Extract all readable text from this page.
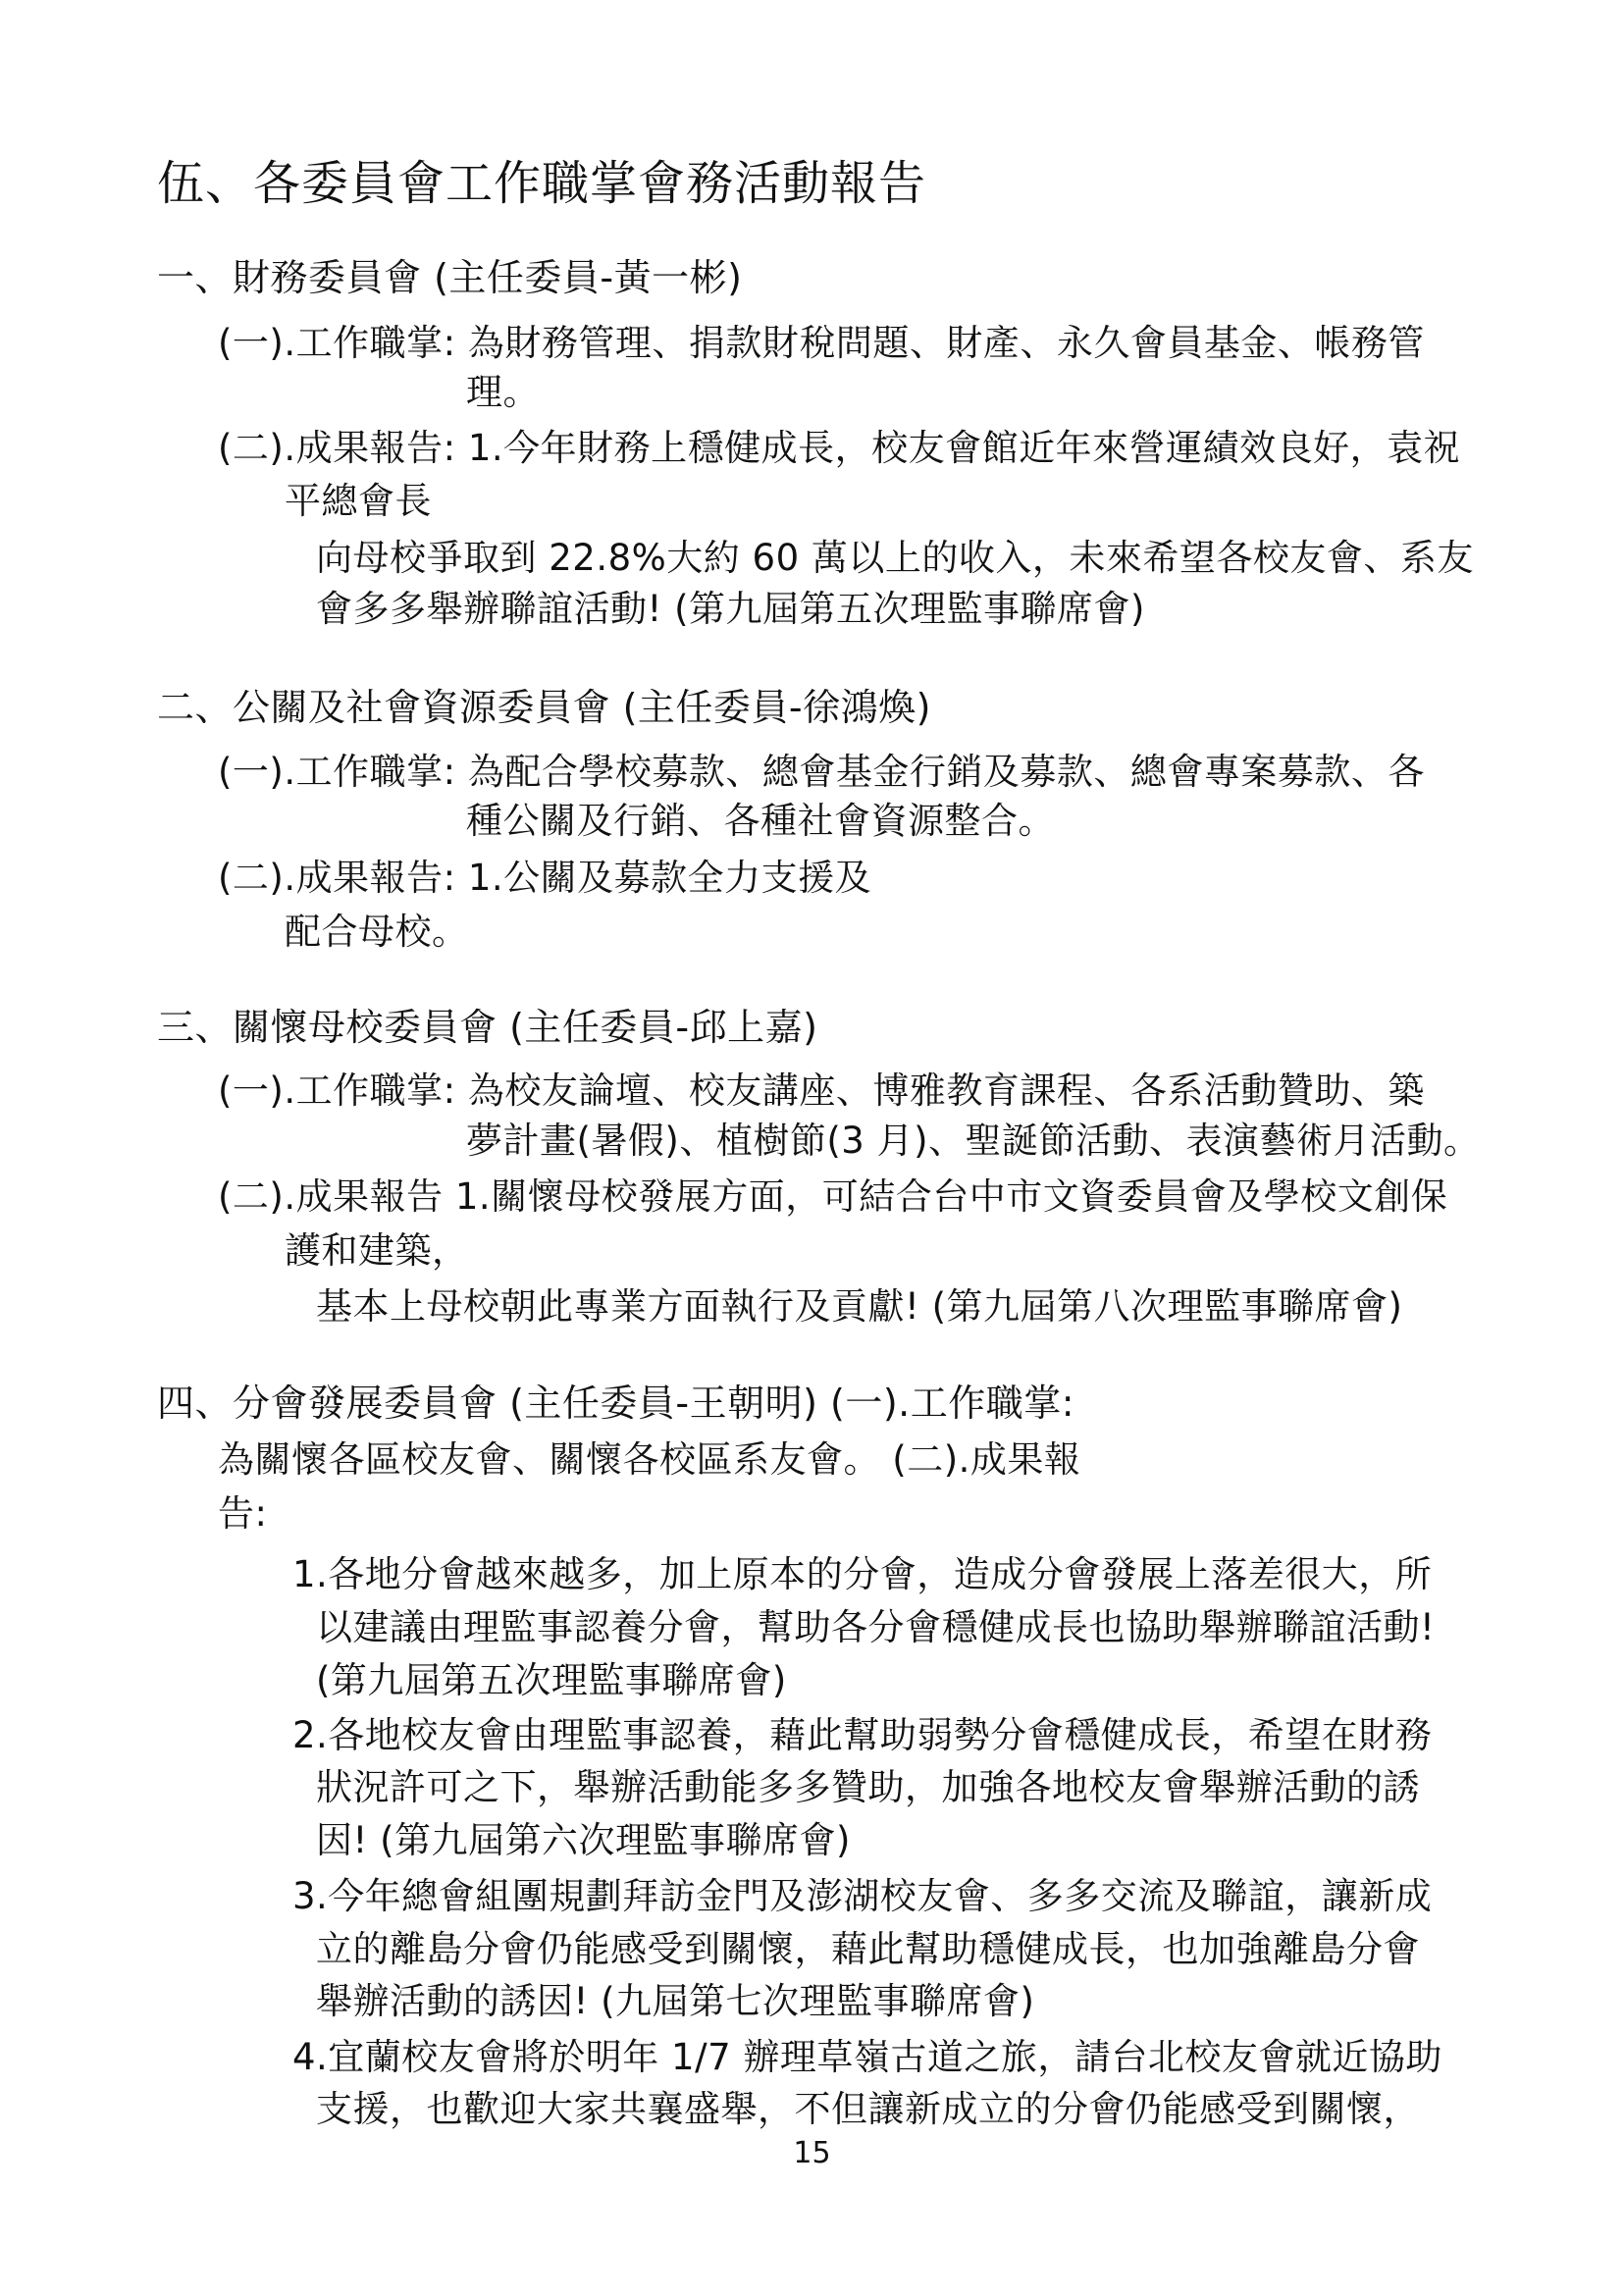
伍、各委員會工作職掌會務活動報告
一、財務委員會 (主任委員-黃一彬)
(一).工作職掌: 為財務管理、捐款財稅問題、財產、永久會員基金、帳務管
理。
(二).成果報告: 1.今年財務上穩健成長，校友會館近年來營運績效良好，袁祝
平總會長
向母校爭取到 22.8%大約 60 萬以上的收入，未來希望各校友會、系友
會多多舉辦聯誼活動! (第九屆第五次理監事聯席會)
二、公關及社會資源委員會 (主任委員-徐鴻煥)
(一).工作職掌: 為配合學校募款、總會基金行銷及募款、總會專案募款、各
種公關及行銷、各種社會資源整合。
(二).成果報告: 1.公關及募款全力支援及
配合母校。
三、關懷母校委員會 (主任委員-邱上嘉)
(一).工作職掌: 為校友論壇、校友講座、博雅教育課程、各系活動贊助、築
夢計畫(暑假)、植樹節(3 月)、聖誕節活動、表演藝術月活動。
(二).成果報告 1.關懷母校發展方面，可結合台中市文資委員會及學校文創保
護和建築，
基本上母校朝此專業方面執行及貢獻! (第九屆第八次理監事聯席會)
四、分會發展委員會 (主任委員-王朝明) (一).工作職掌:
為關懷各區校友會、關懷各校區系友會。 (二).成果報
告:
1.各地分會越來越多，加上原本的分會，造成分會發展上落差很大，所
以建議由理監事認養分會，幫助各分會穩健成長也協助舉辦聯誼活動!
(第九屆第五次理監事聯席會)
2.各地校友會由理監事認養，藉此幫助弱勢分會穩健成長，希望在財務
狀況許可之下，舉辦活動能多多贊助，加強各地校友會舉辦活動的誘
因! (第九屆第六次理監事聯席會)
3.今年總會組團規劃拜訪金門及澎湖校友會、多多交流及聯誼，讓新成
立的離島分會仍能感受到關懷，藉此幫助穩健成長，也加強離島分會
舉辦活動的誘因! (九屆第七次理監事聯席會)
4.宜蘭校友會將於明年 1/7 辦理草嶺古道之旅，請台北校友會就近協助
支援，也歡迎大家共襄盛舉，不但讓新成立的分會仍能感受到關懷，
15
